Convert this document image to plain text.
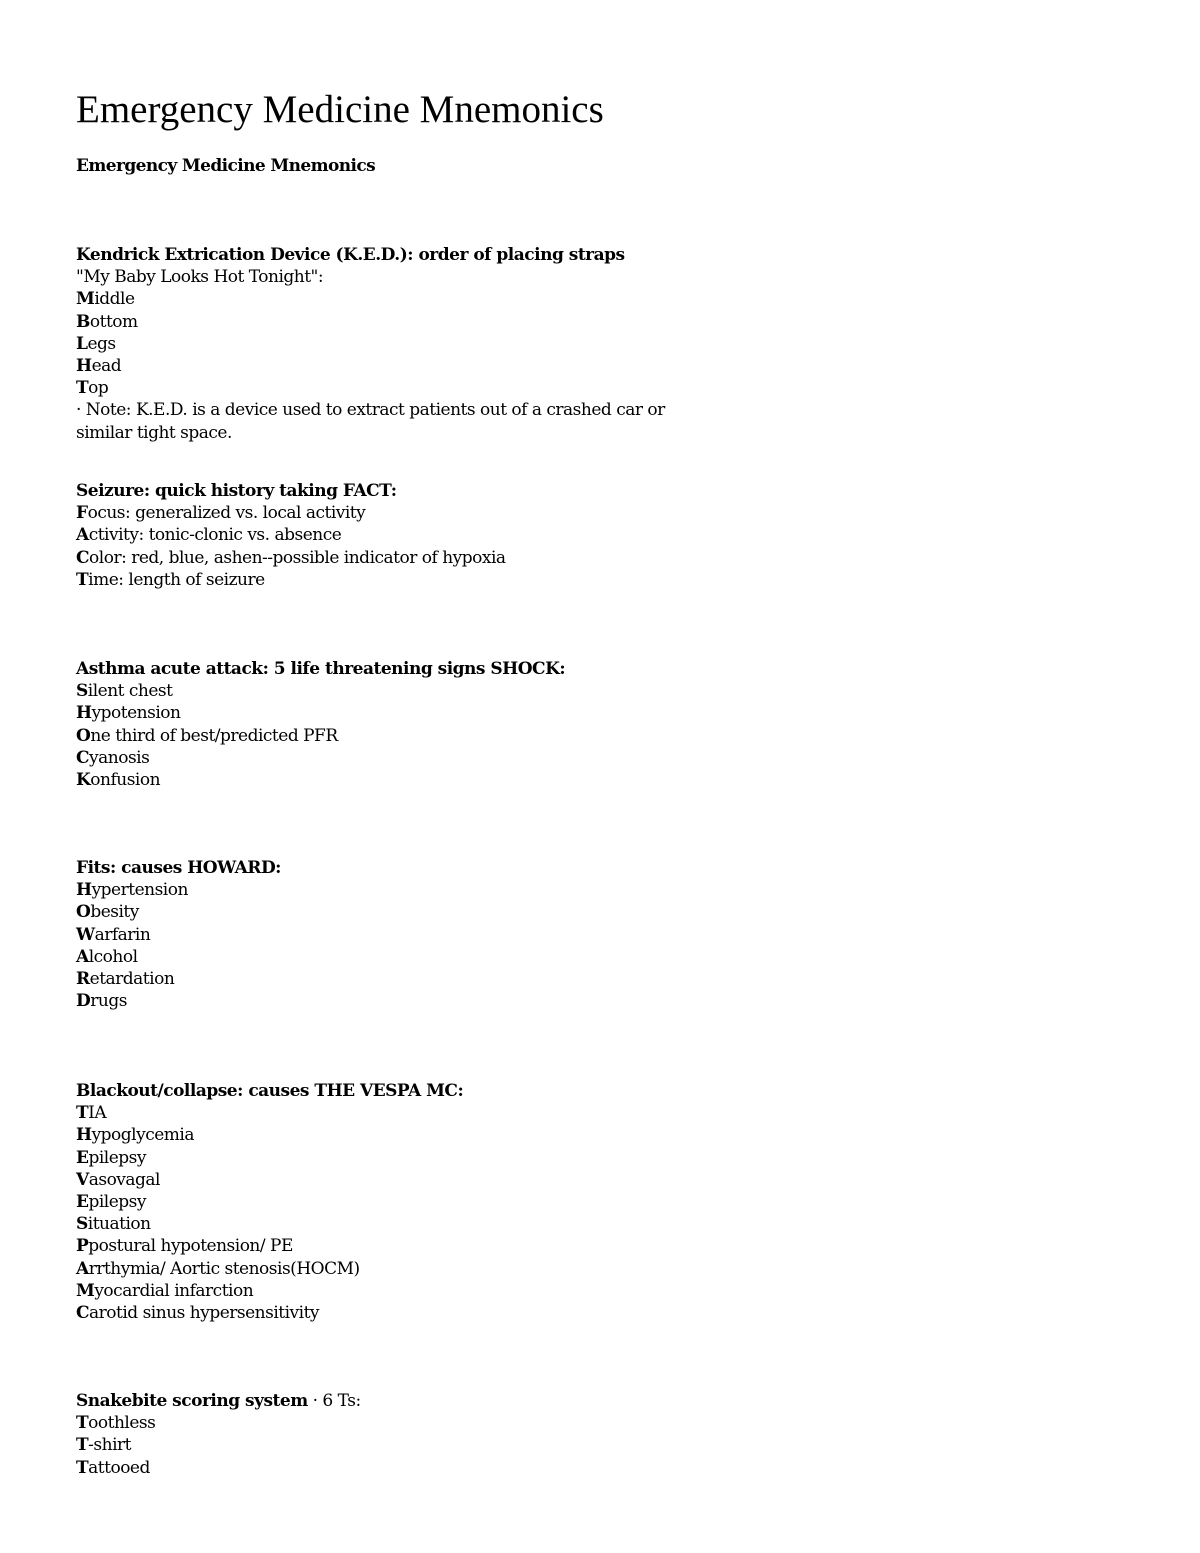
Emergency Medicine Mnemonics
Emergency Medicine Mnemonics
Kendrick Extrication Device (K.E.D.): order of placing straps
"My Baby Looks Hot Tonight":
Middle
Bottom
Legs
Head
Top
· Note: K.E.D. is a device used to extract patients out of a crashed car or similar tight space.
Seizure: quick history taking FACT:
Focus: generalized vs. local activity
Activity: tonic-clonic vs. absence
Color: red, blue, ashen--possible indicator of hypoxia
Time: length of seizure
Asthma acute attack: 5 life threatening signs SHOCK:
Silent chest
Hypotension
One third of best/predicted PFR
Cyanosis
Konfusion
Fits: causes HOWARD:
Hypertension
Obesity
Warfarin
Alcohol
Retardation
Drugs
Blackout/collapse: causes THE VESPA MC:
TIA
Hypoglycemia
Epilepsy
Vasovagal
Epilepsy
Situation
Ppostural hypotension/ PE
Arrthymia/ Aortic stenosis(HOCM)
Myocardial infarction
Carotid sinus hypersensitivity
Snakebite scoring system · 6 Ts:
Toothless
T-shirt
Tattooed
